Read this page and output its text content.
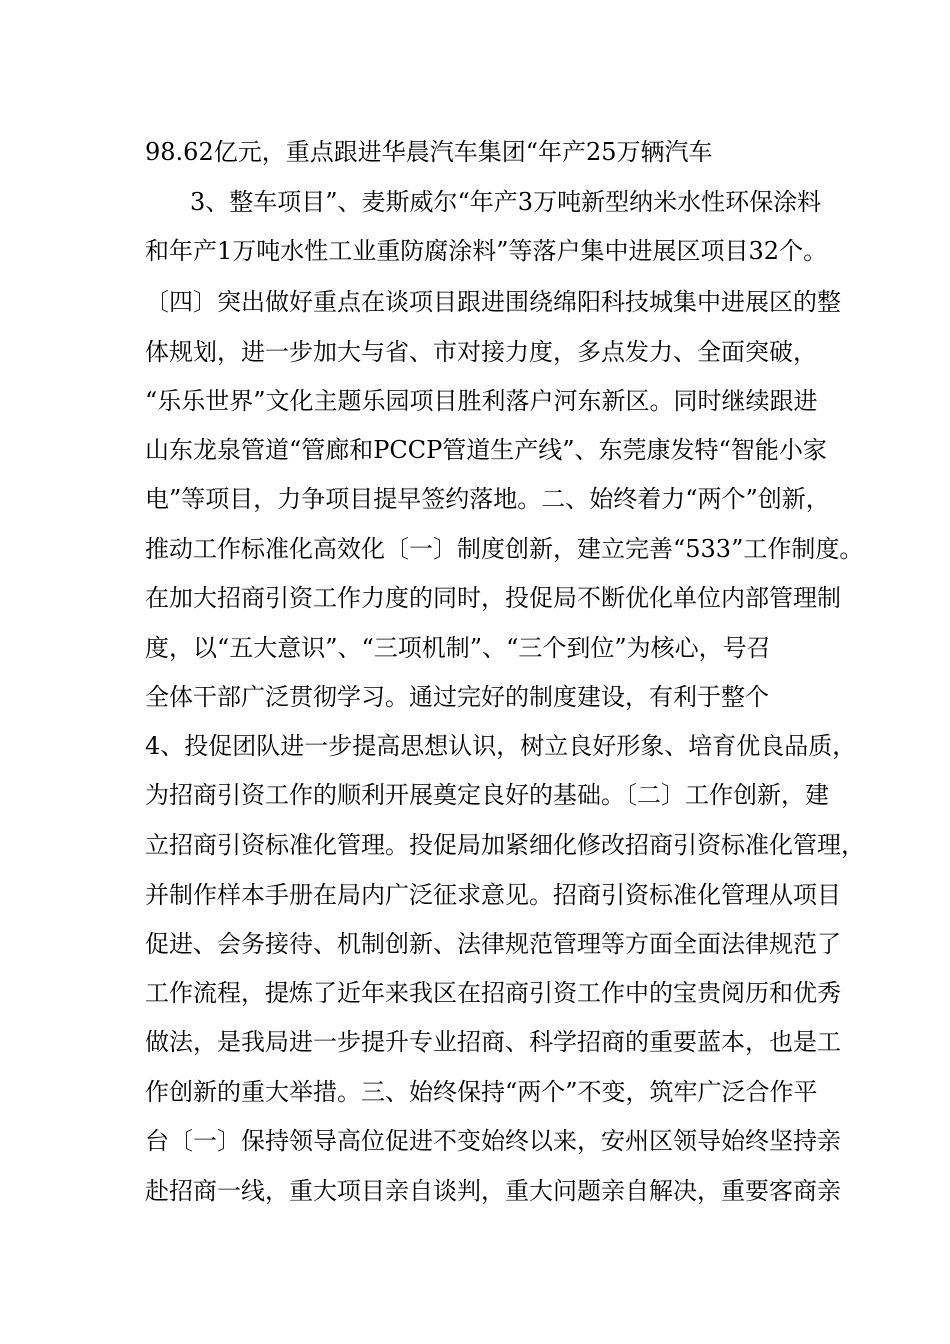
98.62亿元，重点跟进华晨汽车集团“年产25万辆汽车
3、整车项目”、麦斯威尔“年产3万吨新型纳米水性环保涂料
和年产1万吨水性工业重防腐涂料”等落户集中进展区项目32个。
〔四〕突出做好重点在谈项目跟进围绕绵阳科技城集中进展区的整
体规划，进一步加大与省、市对接力度，多点发力、全面突破，
“乐乐世界”文化主题乐园项目胜利落户河东新区。同时继续跟进
山东龙泉管道“管廊和PCCP管道生产线”、东莞康发特“智能小家
电”等项目，力争项目提早签约落地。二、始终着力“两个”创新，
推动工作标准化高效化〔一〕制度创新，建立完善“533”工作制度。
在加大招商引资工作力度的同时，投促局不断优化单位内部管理制
度，以“五大意识”、“三项机制”、“三个到位”为核心，号召
全体干部广泛贯彻学习。通过完好的制度建设，有利于整个
4、投促团队进一步提高思想认识，树立良好形象、培育优良品质，
为招商引资工作的顺利开展奠定良好的基础。〔二〕工作创新，建
立招商引资标准化管理。投促局加紧细化修改招商引资标准化管理，
并制作样本手册在局内广泛征求意见。招商引资标准化管理从项目
促进、会务接待、机制创新、法律规范管理等方面全面法律规范了
工作流程，提炼了近年来我区在招商引资工作中的宝贵阅历和优秀
做法，是我局进一步提升专业招商、科学招商的重要蓝本，也是工
作创新的重大举措。三、始终保持“两个”不变，筑牢广泛合作平
台〔一〕保持领导高位促进不变始终以来，安州区领导始终坚持亲
赴招商一线，重大项目亲自谈判，重大问题亲自解决，重要客商亲
